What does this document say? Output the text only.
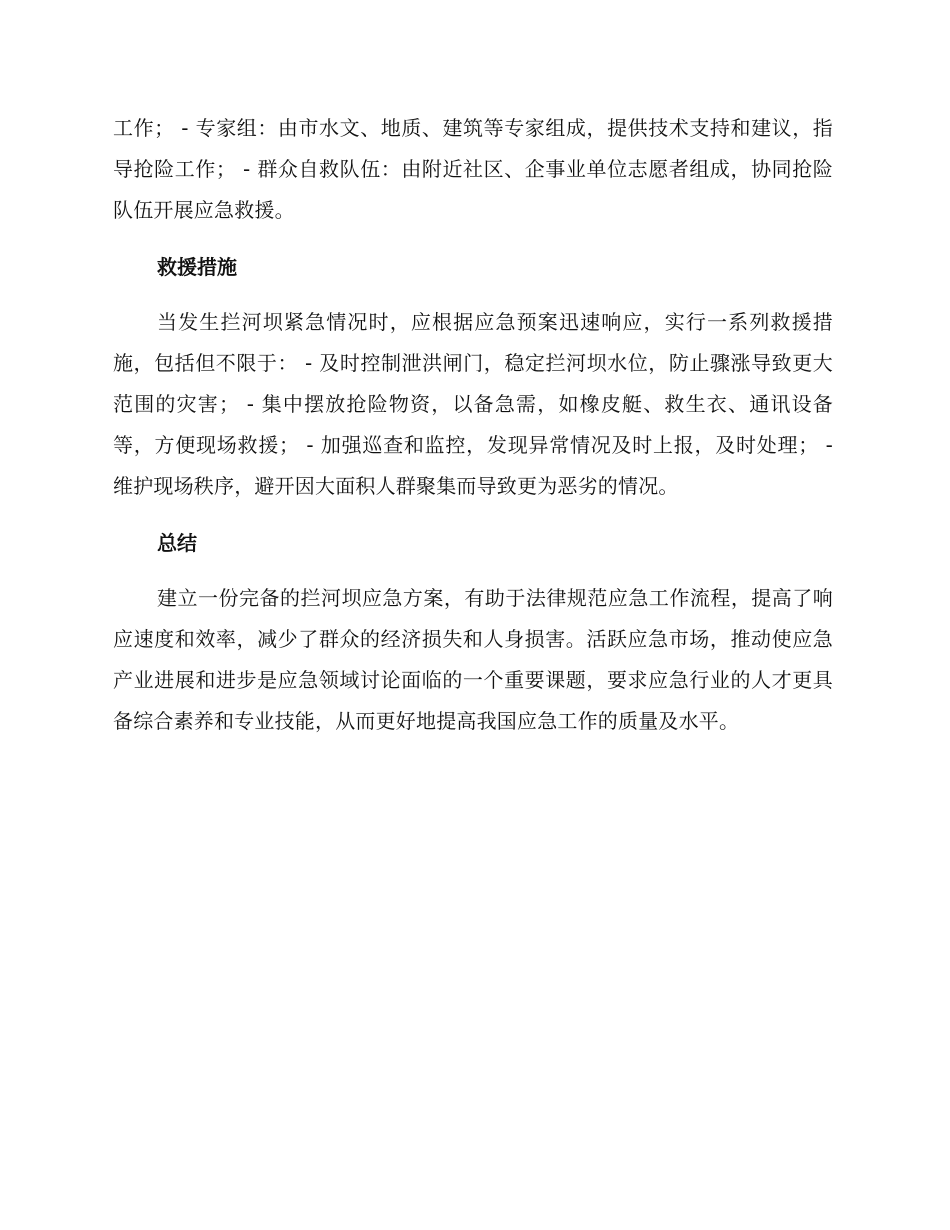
工作； - 专家组：由市水文、地质、建筑等专家组成，提供技术支持和建议，指导抢险工作； - 群众自救队伍：由附近社区、企事业单位志愿者组成，协同抢险队伍开展应急救援。

救援措施

当发生拦河坝紧急情况时，应根据应急预案迅速响应，实行一系列救援措施，包括但不限于： - 及时控制泄洪闸门，稳定拦河坝水位，防止骤涨导致更大范围的灾害； - 集中摆放抢险物资，以备急需，如橡皮艇、救生衣、通讯设备等，方便现场救援； - 加强巡查和监控，发现异常情况及时上报，及时处理； - 维护现场秩序，避开因大面积人群聚集而导致更为恶劣的情况。

总结

建立一份完备的拦河坝应急方案，有助于法律规范应急工作流程，提高了响应速度和效率，减少了群众的经济损失和人身损害。活跃应急市场，推动使应急产业进展和进步是应急领域讨论面临的一个重要课题，要求应急行业的人才更具备综合素养和专业技能，从而更好地提高我国应急工作的质量及水平。
